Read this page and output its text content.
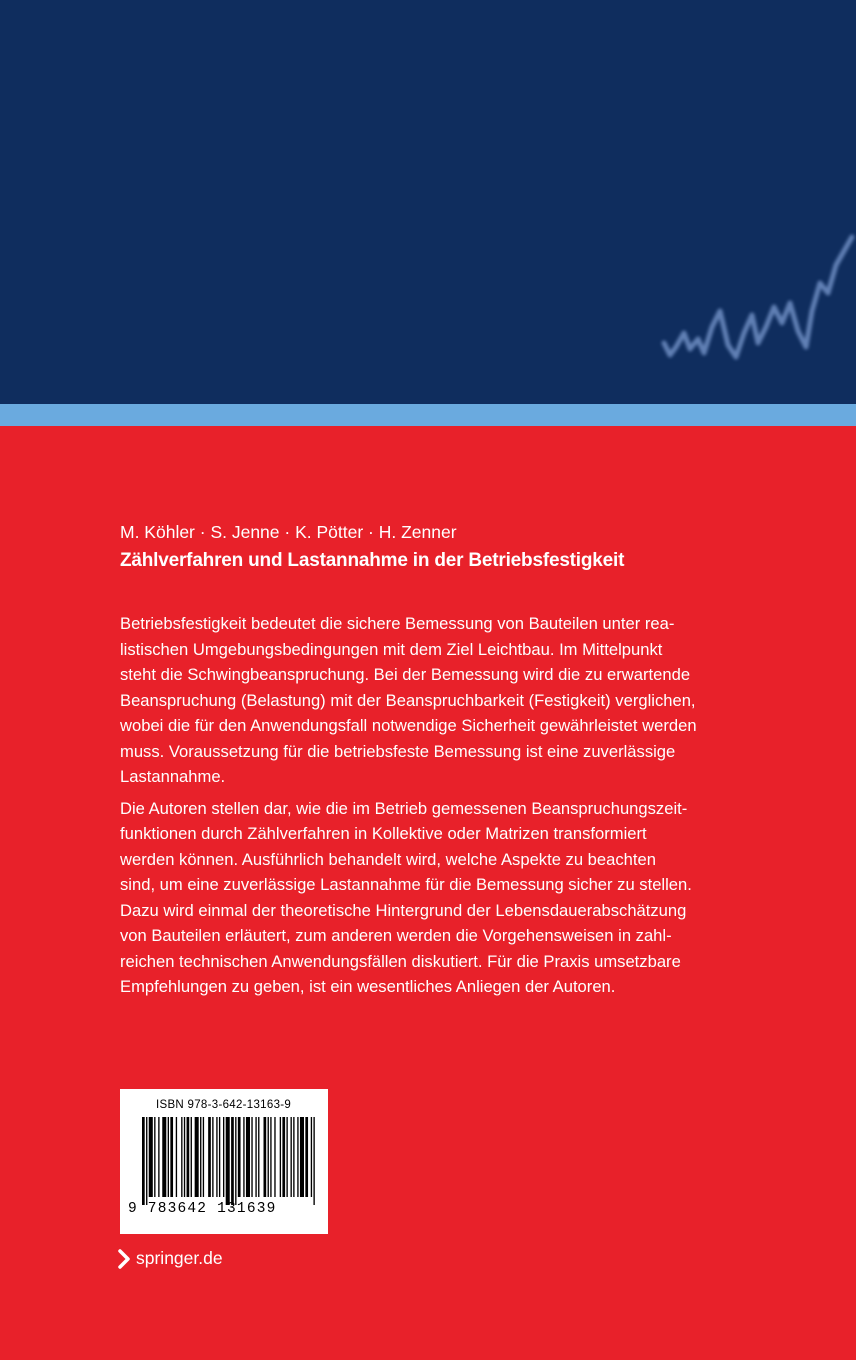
M. Köhler · S. Jenne · K. Pötter · H. Zenner
Zählverfahren und Lastannahme in der Betriebsfestigkeit

Betriebsfestigkeit bedeutet die sichere Bemessung von Bauteilen unter rea-
listischen Umgebungsbedingungen mit dem Ziel Leichtbau. Im Mittelpunkt
steht die Schwingbeanspruchung. Bei der Bemessung wird die zu erwartende
Beanspruchung (Belastung) mit der Beanspruchbarkeit (Festigkeit) verglichen,
wobei die für den Anwendungsfall notwendige Sicherheit gewährleistet werden
muss. Voraussetzung für die betriebsfeste Bemessung ist eine zuverlässige
Lastannahme.

Die Autoren stellen dar, wie die im Betrieb gemessenen Beanspruchungszeit-
funktionen durch Zählverfahren in Kollektive oder Matrizen transformiert
werden können. Ausführlich behandelt wird, welche Aspekte zu beachten
sind, um eine zuverlässige Lastannahme für die Bemessung sicher zu stellen.
Dazu wird einmal der theoretische Hintergrund der Lebensdauerabschätzung
von Bauteilen erläutert, zum anderen werden die Vorgehensweisen in zahl-
reichen technischen Anwendungsfällen diskutiert. Für die Praxis umsetzbare
Empfehlungen zu geben, ist ein wesentliches Anliegen der Autoren.

ISBN 978-3-642-13163-9
9 783642 131639
springer.de
